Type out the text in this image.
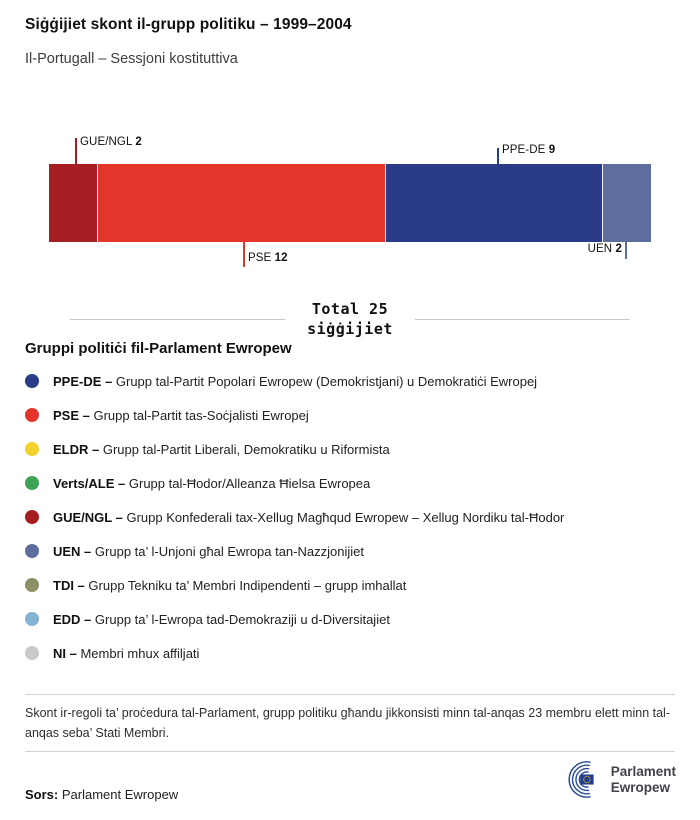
Siġġijiet skont il-grupp politiku – 1999–2004

Il-Portugall – Sessjoni kostituttiva

GUE/NGL 2
PPE-DE 9
PSE 12
UEN 2
Total 25
siġġijiet
Gruppi politiċi fil-Parlament Ewropew
PPE-DE – Grupp tal-Partit Popolari Ewropew (Demokristjani) u Demokratiċi Ewropej
PSE – Grupp tal-Partit tas-Soċjalisti Ewropej
ELDR – Grupp tal-Partit Liberali, Demokratiku u Riformista
Verts/ALE – Grupp tal-Ħodor/Alleanza Ħielsa Ewropea
GUE/NGL – Grupp Konfederali tax-Xellug Magħqud Ewropew – Xellug Nordiku tal-Ħodor
UEN – Grupp ta’ l-Unjoni għal Ewropa tan-Nazzjonijiet
TDI – Grupp Tekniku ta’ Membri Indipendenti – grupp imhallat
EDD – Grupp ta’ l-Ewropa tad-Demokraziji u d-Diversitajiet
NI – Membri mhux affiljati

Skont ir-regoli ta’ proċedura tal-Parlament, grupp politiku għandu jikkonsisti minn tal-anqas 23 membru elett minn tal-anqas seba’ Stati Membri.

Sors: Parlament Ewropew

Parlament
Ewropew
